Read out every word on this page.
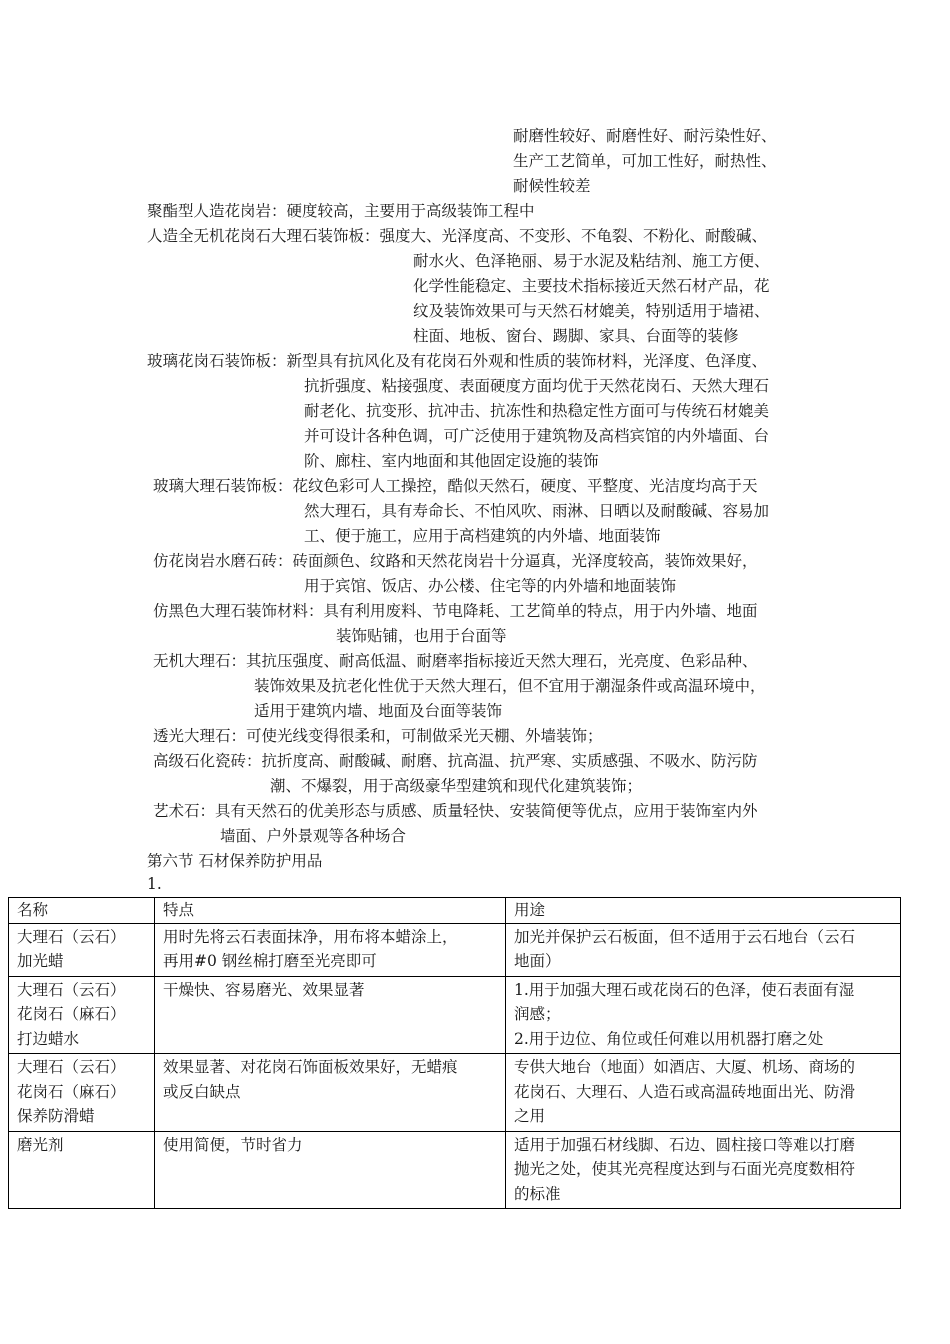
耐磨性较好、耐磨性好、耐污染性好、
生产工艺简单，可加工性好，耐热性、
耐候性较差
聚酯型人造花岗岩：硬度较高，主要用于高级装饰工程中
人造全无机花岗石大理石装饰板：强度大、光泽度高、不变形、不龟裂、不粉化、耐酸碱、
耐水火、色泽艳丽、易于水泥及粘结剂、施工方便、
化学性能稳定、主要技术指标接近天然石材产品，花
纹及装饰效果可与天然石材媲美，特别适用于墙裙、
柱面、地板、窗台、踢脚、家具、台面等的装修
玻璃花岗石装饰板：新型具有抗风化及有花岗石外观和性质的装饰材料，光泽度、色泽度、
抗折强度、粘接强度、表面硬度方面均优于天然花岗石、天然大理石
耐老化、抗变形、抗冲击、抗冻性和热稳定性方面可与传统石材媲美
并可设计各种色调，可广泛使用于建筑物及高档宾馆的内外墙面、台
阶、廊柱、室内地面和其他固定设施的装饰
玻璃大理石装饰板：花纹色彩可人工操控，酷似天然石，硬度、平整度、光洁度均高于天
然大理石，具有寿命长、不怕风吹、雨淋、日晒以及耐酸碱、容易加
工、便于施工，应用于高档建筑的内外墙、地面装饰
仿花岗岩水磨石砖：砖面颜色、纹路和天然花岗岩十分逼真，光泽度较高，装饰效果好，
用于宾馆、饭店、办公楼、住宅等的内外墙和地面装饰
仿黑色大理石装饰材料：具有利用废料、节电降耗、工艺简单的特点，用于内外墙、地面
装饰贴铺，也用于台面等
无机大理石：其抗压强度、耐高低温、耐磨率指标接近天然大理石，光亮度、色彩品种、
装饰效果及抗老化性优于天然大理石，但不宜用于潮湿条件或高温环境中，
适用于建筑内墙、地面及台面等装饰
透光大理石：可使光线变得很柔和，可制做采光天棚、外墙装饰；
高级石化瓷砖：抗折度高、耐酸碱、耐磨、抗高温、抗严寒、实质感强、不吸水、防污防
潮、不爆裂，用于高级豪华型建筑和现代化建筑装饰；
艺术石：具有天然石的优美形态与质感、质量轻快、安装简便等优点，应用于装饰室内外
墙面、户外景观等各种场合
第六节 石材保养防护用品
1.
名称	特点	用途

大理石（云石）
加光蜡	用时先将云石表面抹净，用布将本蜡涂上，
再用#0 钢丝棉打磨至光亮即可	加光并保护云石板面，但不适用于云石地台（云石
地面）

大理石（云石）
花岗石（麻石）
打边蜡水	干燥快、容易磨光、效果显著	1.用于加强大理石或花岗石的色泽，使石表面有湿
润感；
2.用于边位、角位或任何难以用机器打磨之处

大理石（云石）
花岗石（麻石）
保养防滑蜡	效果显著、对花岗石饰面板效果好，无蜡痕
或反白缺点	专供大地台（地面）如酒店、大厦、机场、商场的
花岗石、大理石、人造石或高温砖地面出光、防滑
之用

磨光剂	使用简便，节时省力	适用于加强石材线脚、石边、圆柱接口等难以打磨
抛光之处，使其光亮程度达到与石面光亮度数相符
的标准
